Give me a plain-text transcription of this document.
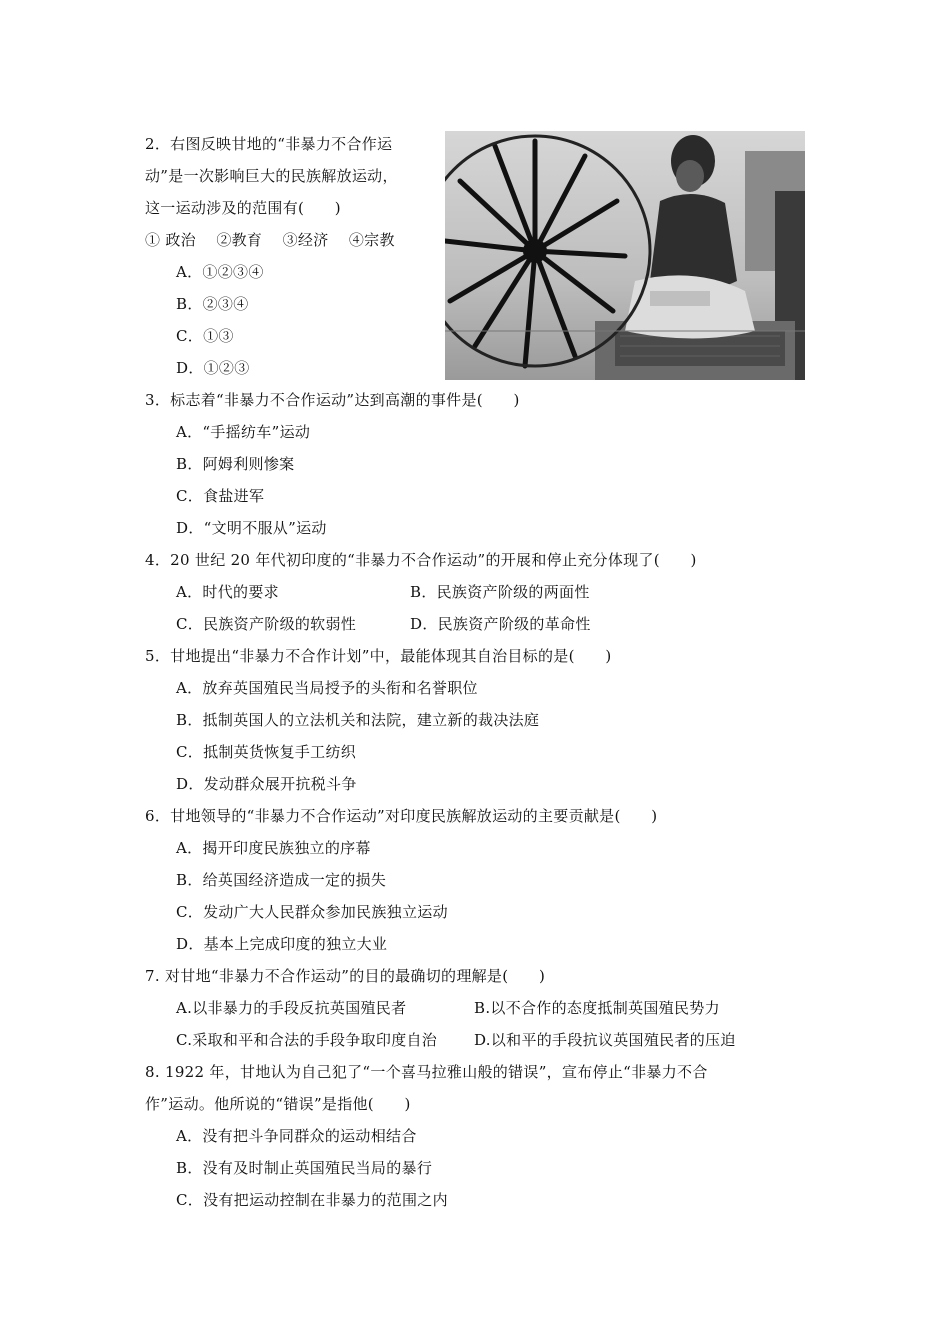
2．右图反映甘地的“非暴力不合作运
动”是一次影响巨大的民族解放运动，
这一运动涉及的范围有(　　)
① 政治　 ②教育　 ③经济　 ④宗教
A．①②③④
B．②③④
C．①③
D．①②③
3．标志着“非暴力不合作运动”达到高潮的事件是(　　)
A．“手摇纺车”运动
B．阿姆利则惨案
C．食盐进军
D．“文明不服从”运动
4．20 世纪 20 年代初印度的“非暴力不合作运动”的开展和停止充分体现了(　　)
A．时代的要求	B．民族资产阶级的两面性
C．民族资产阶级的软弱性	D．民族资产阶级的革命性
5．甘地提出“非暴力不合作计划”中，最能体现其自治目标的是(　　)
A．放弃英国殖民当局授予的头衔和名誉职位
B．抵制英国人的立法机关和法院，建立新的裁决法庭
C．抵制英货恢复手工纺织
D．发动群众展开抗税斗争
6．甘地领导的“非暴力不合作运动”对印度民族解放运动的主要贡献是(　　)
A．揭开印度民族独立的序幕
B．给英国经济造成一定的损失
C．发动广大人民群众参加民族独立运动
D．基本上完成印度的独立大业
7. 对甘地“非暴力不合作运动”的目的最确切的理解是(　　)
A.以非暴力的手段反抗英国殖民者	B.以不合作的态度抵制英国殖民势力
C.采取和平和合法的手段争取印度自治 D.以和平的手段抗议英国殖民者的压迫
8. 1922 年，甘地认为自己犯了“一个喜马拉雅山般的错误”，宣布停止“非暴力不合
作”运动。他所说的“错误”是指他(　　)
A．没有把斗争同群众的运动相结合
B．没有及时制止英国殖民当局的暴行
C．没有把运动控制在非暴力的范围之内
